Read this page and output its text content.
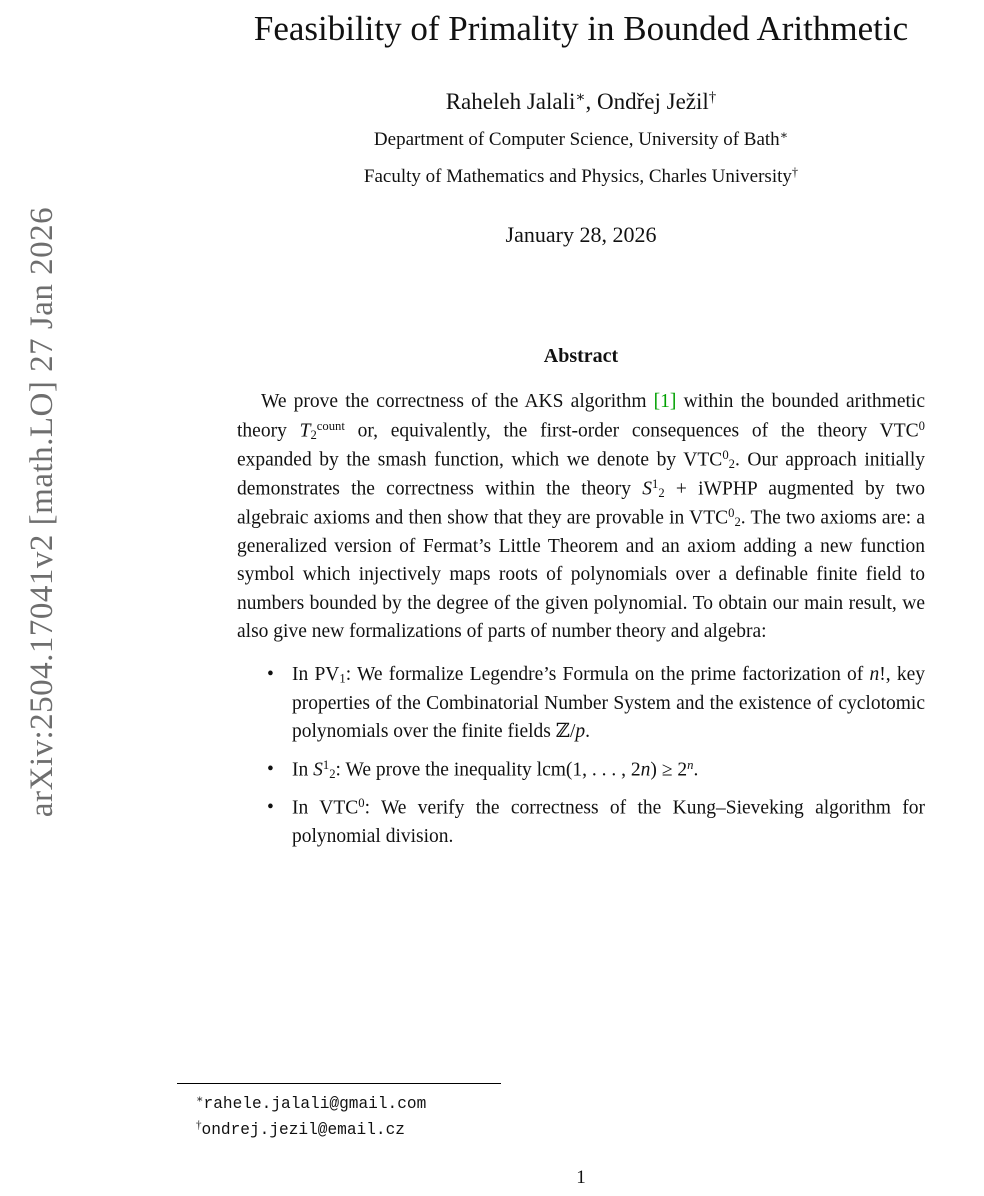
arXiv:2504.17041v2 [math.LO] 27 Jan 2026
Feasibility of Primality in Bounded Arithmetic
Raheleh Jalali∗, Ondřej Ježil†
Department of Computer Science, University of Bath∗
Faculty of Mathematics and Physics, Charles University†
January 28, 2026
Abstract

We prove the correctness of the AKS algorithm [1] within the bounded arithmetic theory $T2^{count}$ or, equivalently, the first-order consequences of the theory VTC$^0$ expanded by the smash function, which we denote by VTC$^0$2. Our approach initially demonstrates the correctness within the theory $S^12$ + iWPHP augmented by two algebraic axioms and then show that they are provable in VTC$^0$2. The two axioms are: a generalized version of Fermat’s Little Theorem and an axiom adding a new function symbol which injectively maps roots of polynomials over a definable finite field to numbers bounded by the degree of the given polynomial. To obtain our main result, we also give new formalizations of parts of number theory and algebra:

• In PV1: We formalize Legendre’s Formula on the prime factorization of n!, key properties of the Combinatorial Number System and the existence of cyclotomic polynomials over the finite fields ℤ/p.
• In $S^12$: We prove the inequality lcm(1, . . . , $2n) \ge 2^n$.
• In VTC$^0$: We verify the correctness of the Kung–Sieveking algorithm for polynomial division.
∗rahele.jalali@gmail.com
†ondrej.jezil@email.cz
1
